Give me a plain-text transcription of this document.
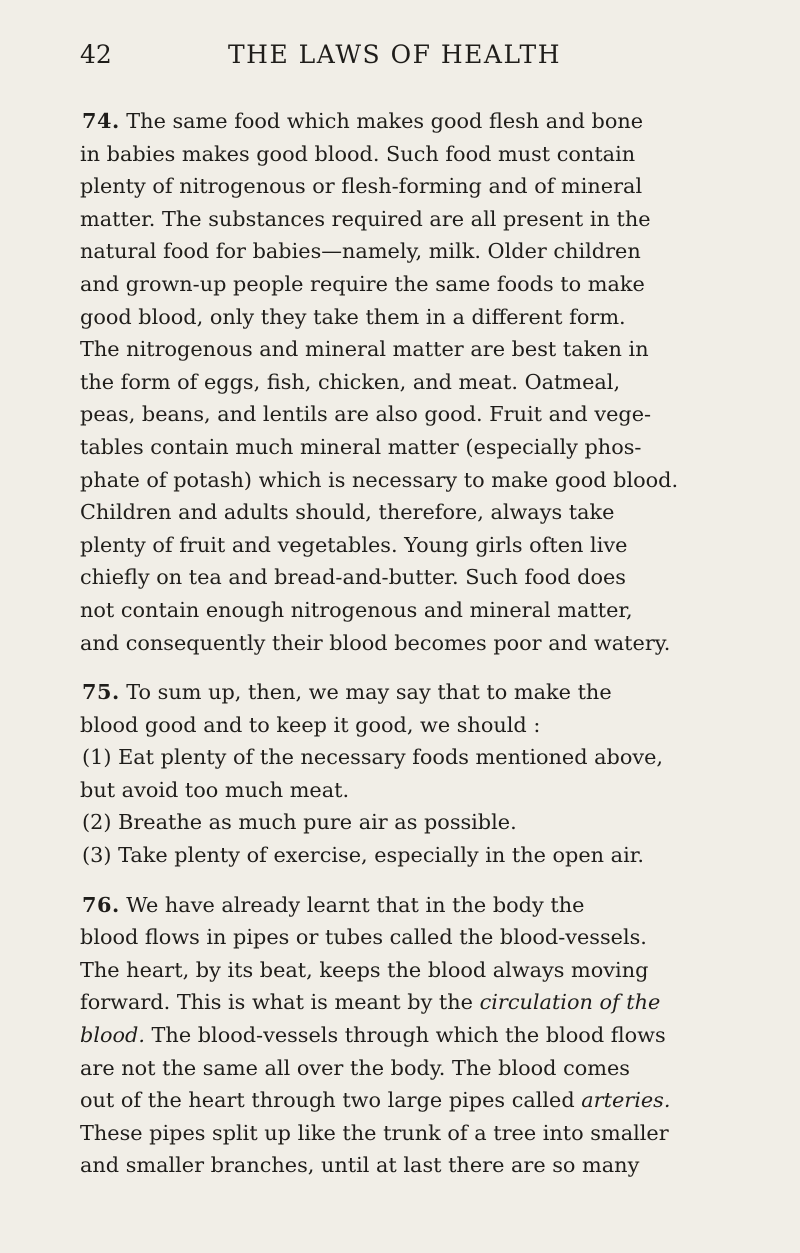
42	THE LAWS OF HEALTH

74. The same food which makes good flesh and bone
in babies makes good blood. Such food must contain
plenty of nitrogenous or flesh-forming and of mineral
matter. The substances required are all present in the
natural food for babies—namely, milk. Older children
and grown-up people require the same foods to make
good blood, only they take them in a different form.
The nitrogenous and mineral matter are best taken in
the form of eggs, fish, chicken, and meat. Oatmeal,
peas, beans, and lentils are also good. Fruit and vege-
tables contain much mineral matter (especially phos-
phate of potash) which is necessary to make good blood.
Children and adults should, therefore, always take
plenty of fruit and vegetables. Young girls often live
chiefly on tea and bread-and-butter. Such food does
not contain enough nitrogenous and mineral matter,
and consequently their blood becomes poor and watery.

75. To sum up, then, we may say that to make the
blood good and to keep it good, we should :
(1) Eat plenty of the necessary foods mentioned above,
but avoid too much meat.
(2) Breathe as much pure air as possible.
(3) Take plenty of exercise, especially in the open air.

76. We have already learnt that in the body the
blood flows in pipes or tubes called the blood-vessels.
The heart, by its beat, keeps the blood always moving
forward. This is what is meant by the circulation of the
blood. The blood-vessels through which the blood flows
are not the same all over the body. The blood comes
out of the heart through two large pipes called arteries.
These pipes split up like the trunk of a tree into smaller
and smaller branches, until at last there are so many
